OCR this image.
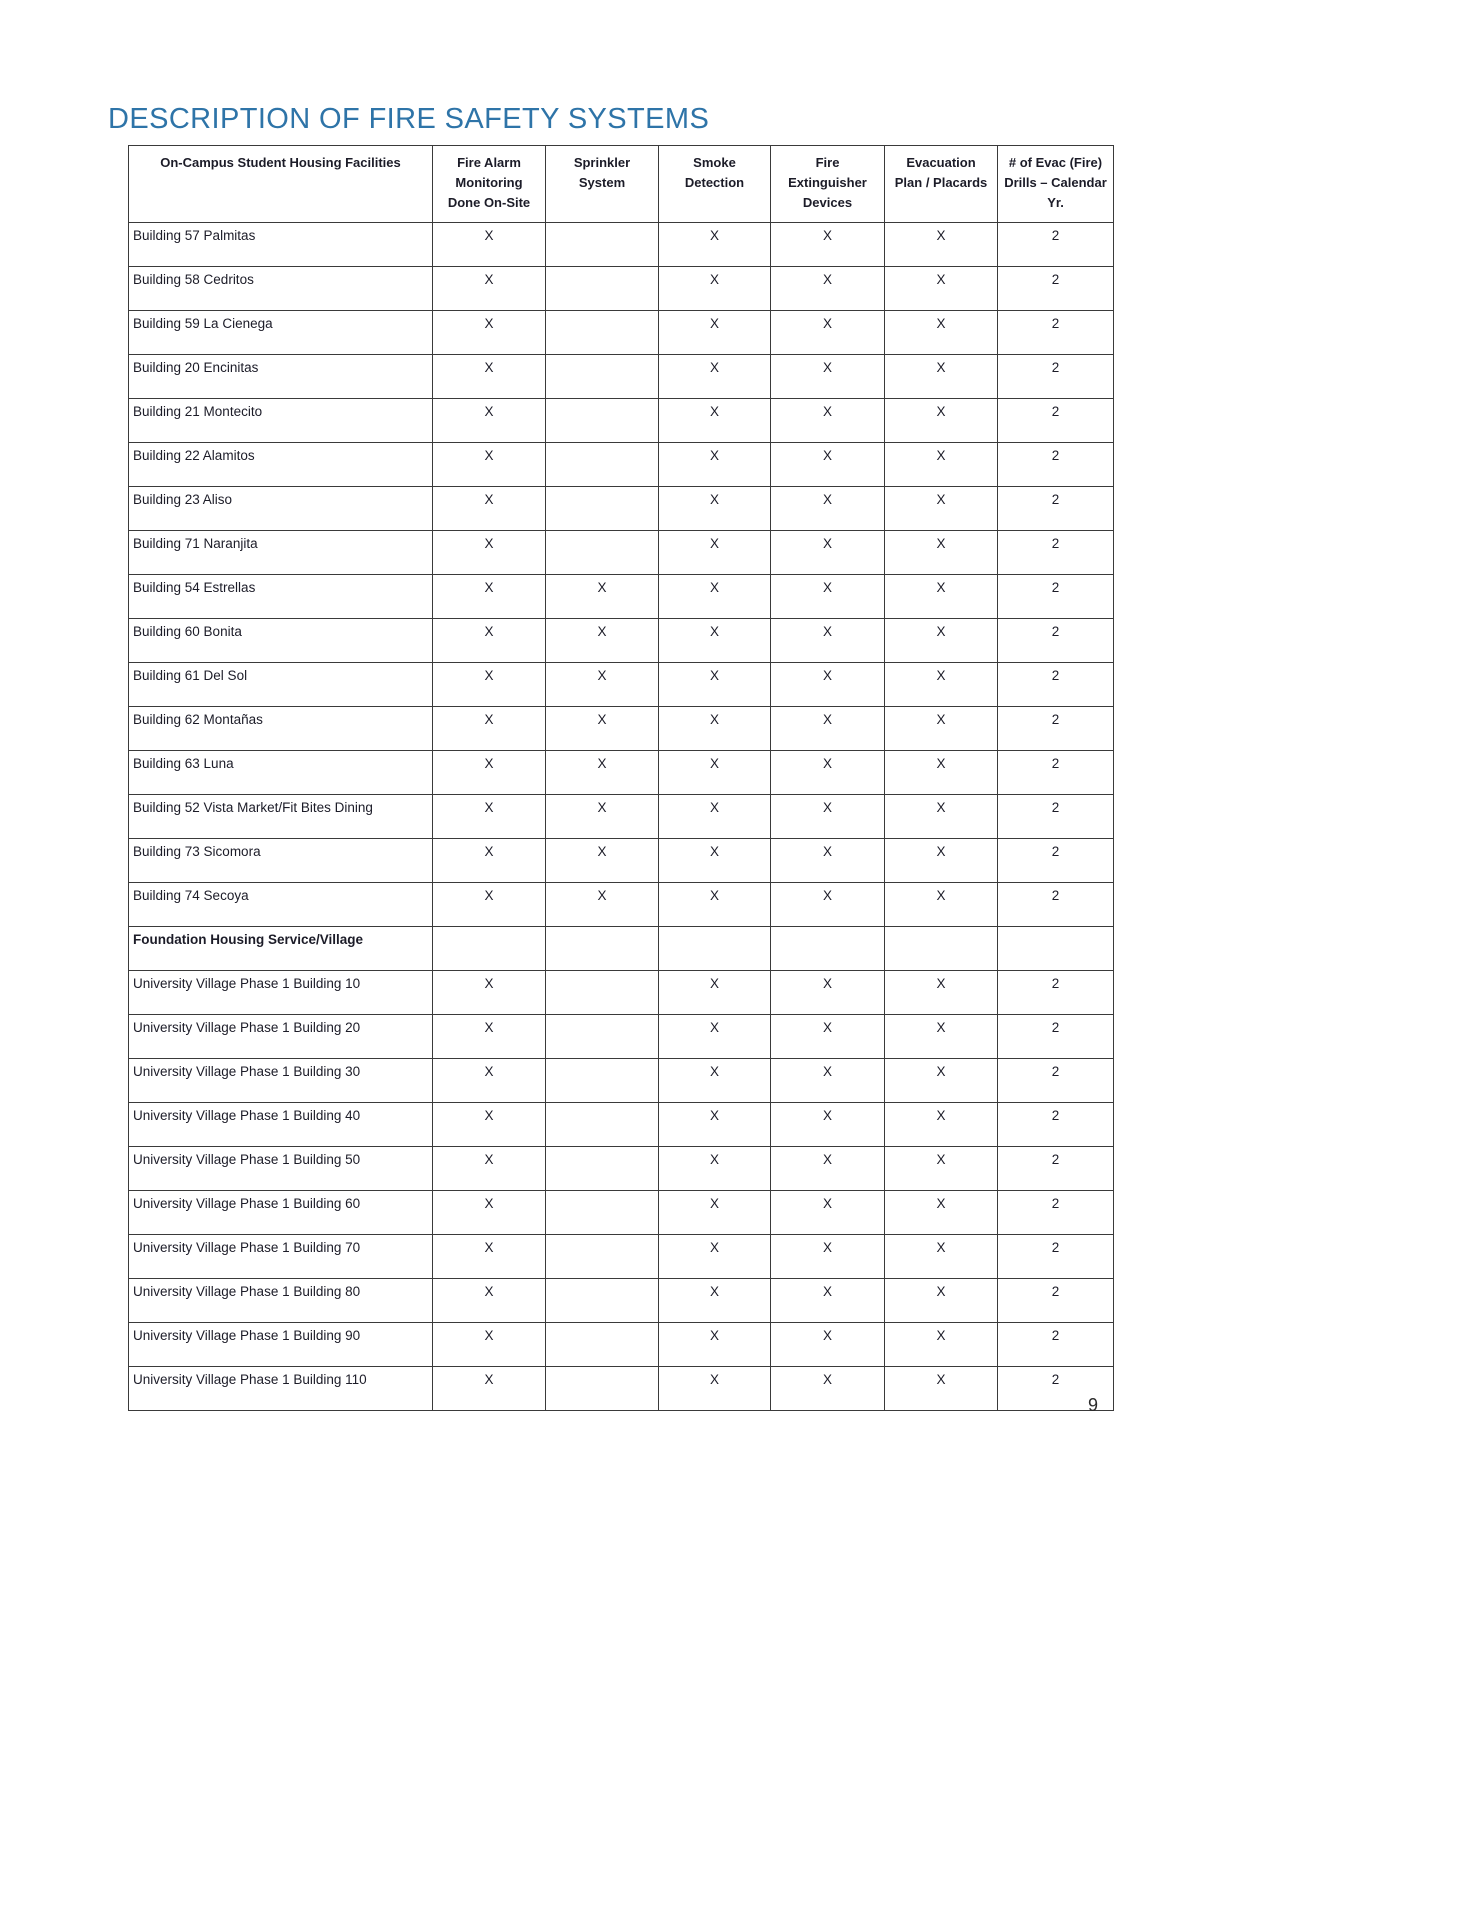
DESCRIPTION OF FIRE SAFETY SYSTEMS
On-Campus Student Housing Facilities	Fire Alarm Monitoring Done On-Site	Sprinkler System	Smoke Detection	Fire Extinguisher Devices	Evacuation Plan / Placards	# of Evac (Fire) Drills – Calendar Yr.
Building 57 Palmitas	X		X	X	X	2
Building 58 Cedritos	X		X	X	X	2
Building 59 La Cienega	X		X	X	X	2
Building 20 Encinitas	X		X	X	X	2
Building 21 Montecito	X		X	X	X	2
Building 22 Alamitos	X		X	X	X	2
Building 23 Aliso	X		X	X	X	2
Building 71 Naranjita	X		X	X	X	2
Building 54 Estrellas	X	X	X	X	X	2
Building 60 Bonita	X	X	X	X	X	2
Building 61 Del Sol	X	X	X	X	X	2
Building 62 Montañas	X	X	X	X	X	2
Building 63 Luna	X	X	X	X	X	2
Building 52 Vista Market/Fit Bites Dining	X	X	X	X	X	2
Building 73 Sicomora	X	X	X	X	X	2
Building 74 Secoya	X	X	X	X	X	2
Foundation Housing Service/Village						
University Village Phase 1 Building 10	X		X	X	X	2
University Village Phase 1 Building 20	X		X	X	X	2
University Village Phase 1 Building 30	X		X	X	X	2
University Village Phase 1 Building 40	X		X	X	X	2
University Village Phase 1 Building 50	X		X	X	X	2
University Village Phase 1 Building 60	X		X	X	X	2
University Village Phase 1 Building 70	X		X	X	X	2
University Village Phase 1 Building 80	X		X	X	X	2
University Village Phase 1 Building 90	X		X	X	X	2
University Village Phase 1 Building 110	X		X	X	X	2
9
